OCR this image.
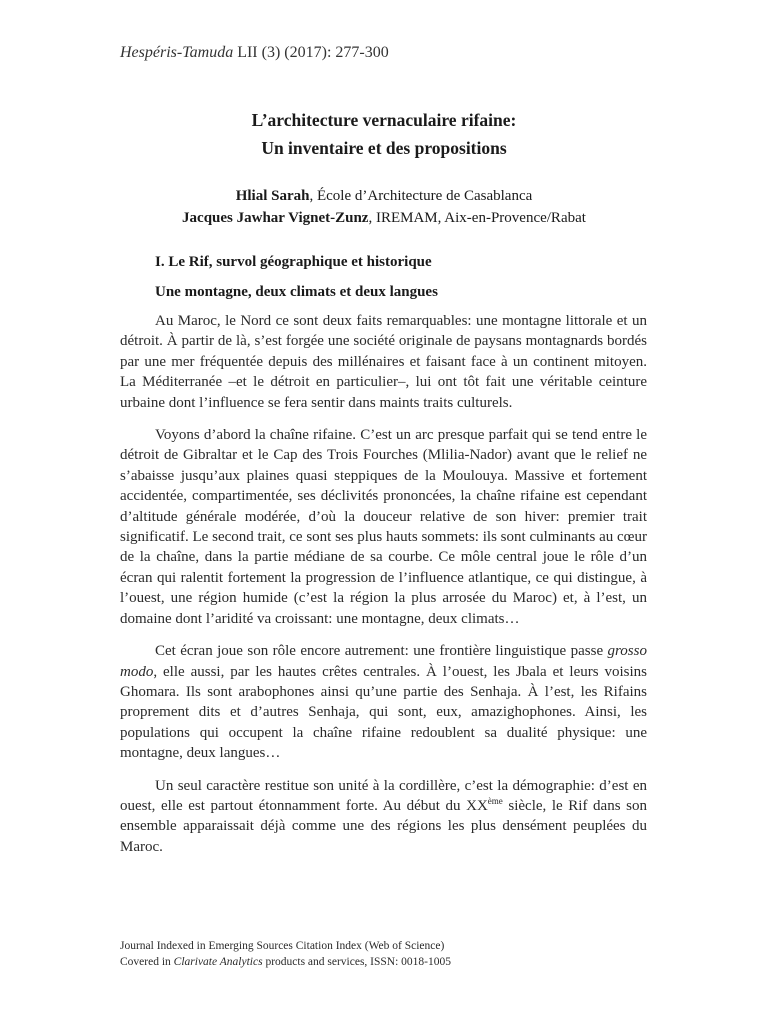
Hespéris-Tamuda LII (3) (2017): 277-300
L’architecture vernaculaire rifaine:
Un inventaire et des propositions
Hlial Sarah, École d’Architecture de Casablanca
Jacques Jawhar Vignet-Zunz, IREMAM, Aix-en-Provence/Rabat
I. Le Rif, survol géographique et historique
Une montagne, deux climats et deux langues

Au Maroc, le Nord ce sont deux faits remarquables: une montagne littorale et un détroit. À partir de là, s’est forgée une société originale de paysans montagnards bordés par une mer fréquentée depuis des millénaires et faisant face à un continent mitoyen. La Méditerranée –et le détroit en particulier–, lui ont tôt fait une véritable ceinture urbaine dont l’influence se fera sentir dans maints traits culturels.

Voyons d’abord la chaîne rifaine. C’est un arc presque parfait qui se tend entre le détroit de Gibraltar et le Cap des Trois Fourches (Mlilia-Nador) avant que le relief ne s’abaisse jusqu’aux plaines quasi steppiques de la Moulouya. Massive et fortement accidentée, compartimentée, ses déclivités prononcées, la chaîne rifaine est cependant d’altitude générale modérée, d’où la douceur relative de son hiver: premier trait significatif. Le second trait, ce sont ses plus hauts sommets: ils sont culminants au cœur de la chaîne, dans la partie médiane de sa courbe. Ce môle central joue le rôle d’un écran qui ralentit fortement la progression de l’influence atlantique, ce qui distingue, à l’ouest, une région humide (c’est la région la plus arrosée du Maroc) et, à l’est, un domaine dont l’aridité va croissant: une montagne, deux climats…

Cet écran joue son rôle encore autrement: une frontière linguistique passe grosso modo, elle aussi, par les hautes crêtes centrales. À l’ouest, les Jbala et leurs voisins Ghomara. Ils sont arabophones ainsi qu’une partie des Senhaja. À l’est, les Rifains proprement dits et d’autres Senhaja, qui sont, eux, amazighophones. Ainsi, les populations qui occupent la chaîne rifaine redoublent sa dualité physique: une montagne, deux langues…

Un seul caractère restitue son unité à la cordillère, c’est la démographie: d’est en ouest, elle est partout étonnamment forte. Au début du XXème siècle, le Rif dans son ensemble apparaissait déjà comme une des régions les plus densément peuplées du Maroc.

Journal Indexed in Emerging Sources Citation Index (Web of Science)
Covered in Clarivate Analytics products and services, ISSN: 0018-1005
